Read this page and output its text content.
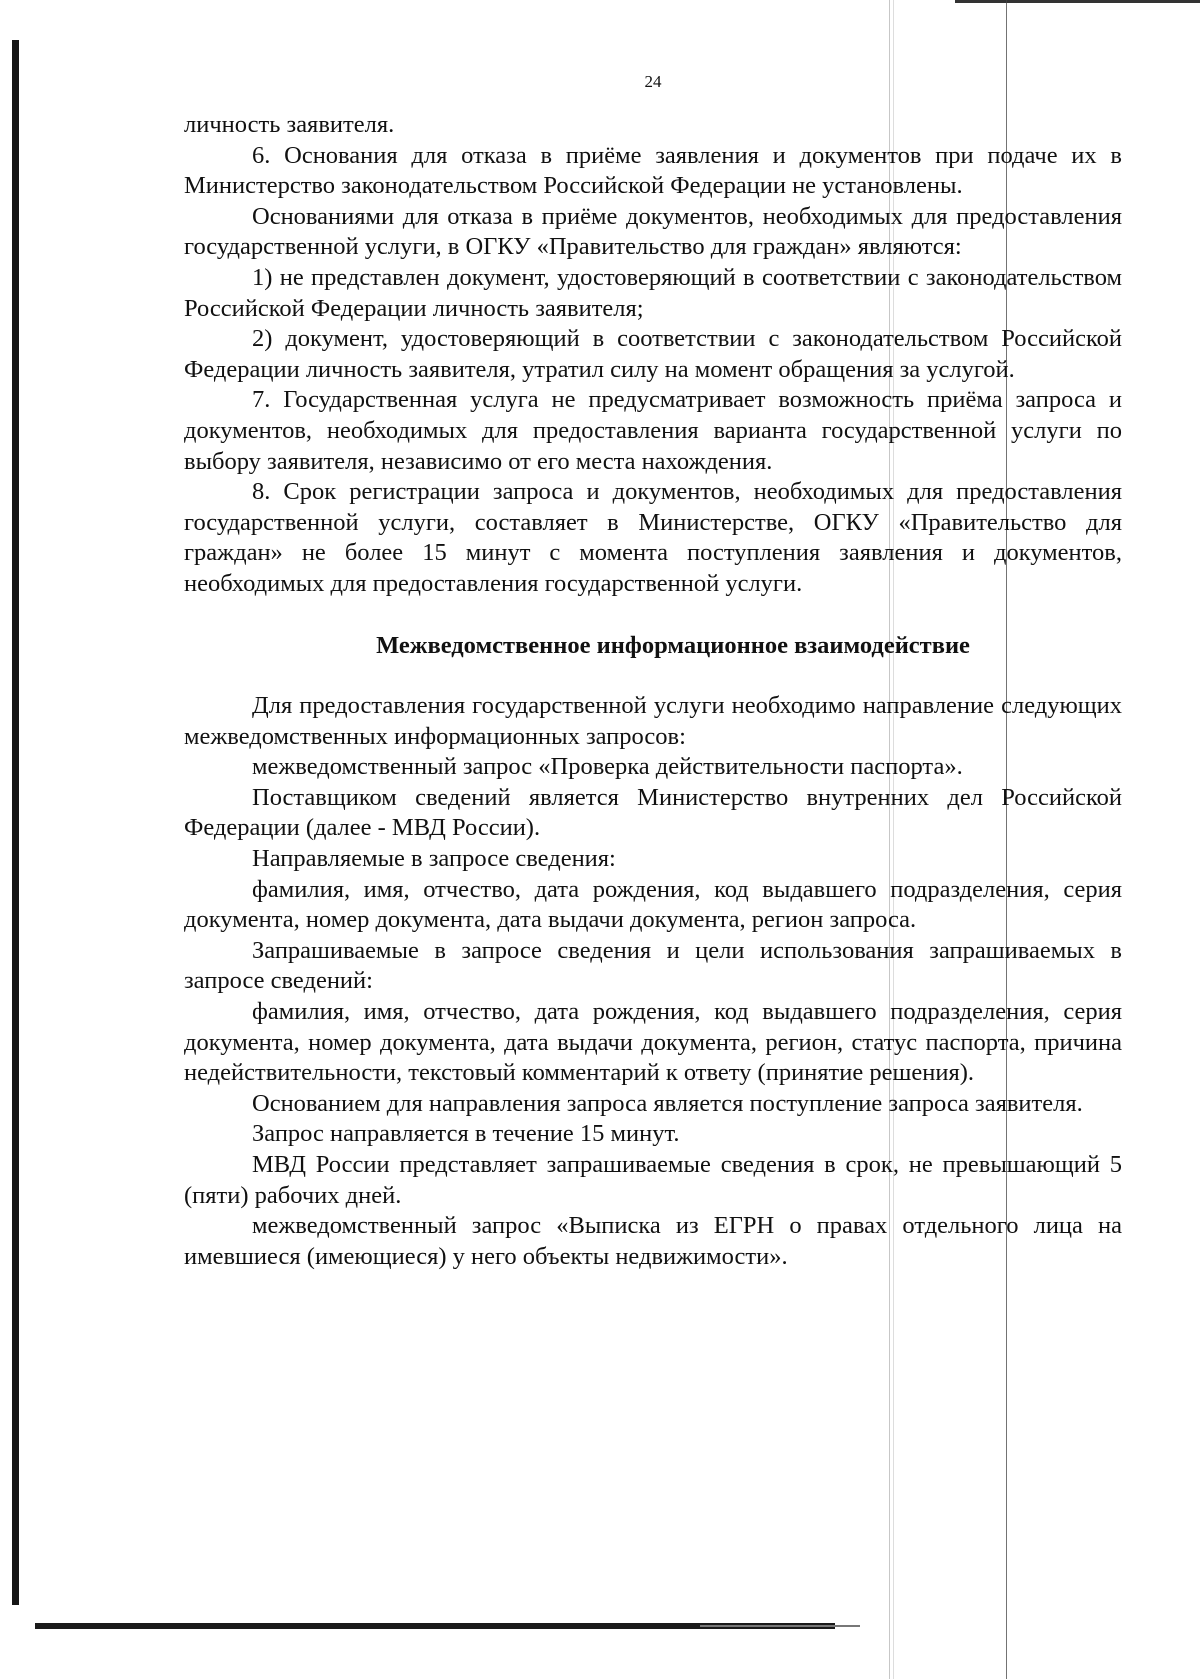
24

личность заявителя.

6. Основания для отказа в приёме заявления и документов при подаче их в Министерство законодательством Российской Федерации не установлены.

Основаниями для отказа в приёме документов, необходимых для предоставления государственной услуги, в ОГКУ «Правительство для граждан» являются:

1) не представлен документ, удостоверяющий в соответствии с законодательством Российской Федерации личность заявителя;

2) документ, удостоверяющий в соответствии с законодательством Российской Федерации личность заявителя, утратил силу на момент обращения за услугой.

7. Государственная услуга не предусматривает возможность приёма запроса и документов, необходимых для предоставления варианта государственной услуги по выбору заявителя, независимо от его места нахождения.

8. Срок регистрации запроса и документов, необходимых для предоставления государственной услуги, составляет в Министерстве, ОГКУ «Правительство для граждан» не более 15 минут с момента поступления заявления и документов, необходимых для предоставления государственной услуги.

Межведомственное информационное взаимодействие

Для предоставления государственной услуги необходимо направление следующих межведомственных информационных запросов:

межведомственный запрос «Проверка действительности паспорта».

Поставщиком сведений является Министерство внутренних дел Российской Федерации (далее - МВД России).

Направляемые в запросе сведения:

фамилия, имя, отчество, дата рождения, код выдавшего подразделения, серия документа, номер документа, дата выдачи документа, регион запроса.

Запрашиваемые в запросе сведения и цели использования запрашиваемых в запросе сведений:

фамилия, имя, отчество, дата рождения, код выдавшего подразделения, серия документа, номер документа, дата выдачи документа, регион, статус паспорта, причина недействительности, текстовый комментарий к ответу (принятие решения).

Основанием для направления запроса является поступление запроса заявителя.

Запрос направляется в течение 15 минут.

МВД России представляет запрашиваемые сведения в срок, не превышающий 5 (пяти) рабочих дней.

межведомственный запрос «Выписка из ЕГРН о правах отдельного лица на имевшиеся (имеющиеся) у него объекты недвижимости».
